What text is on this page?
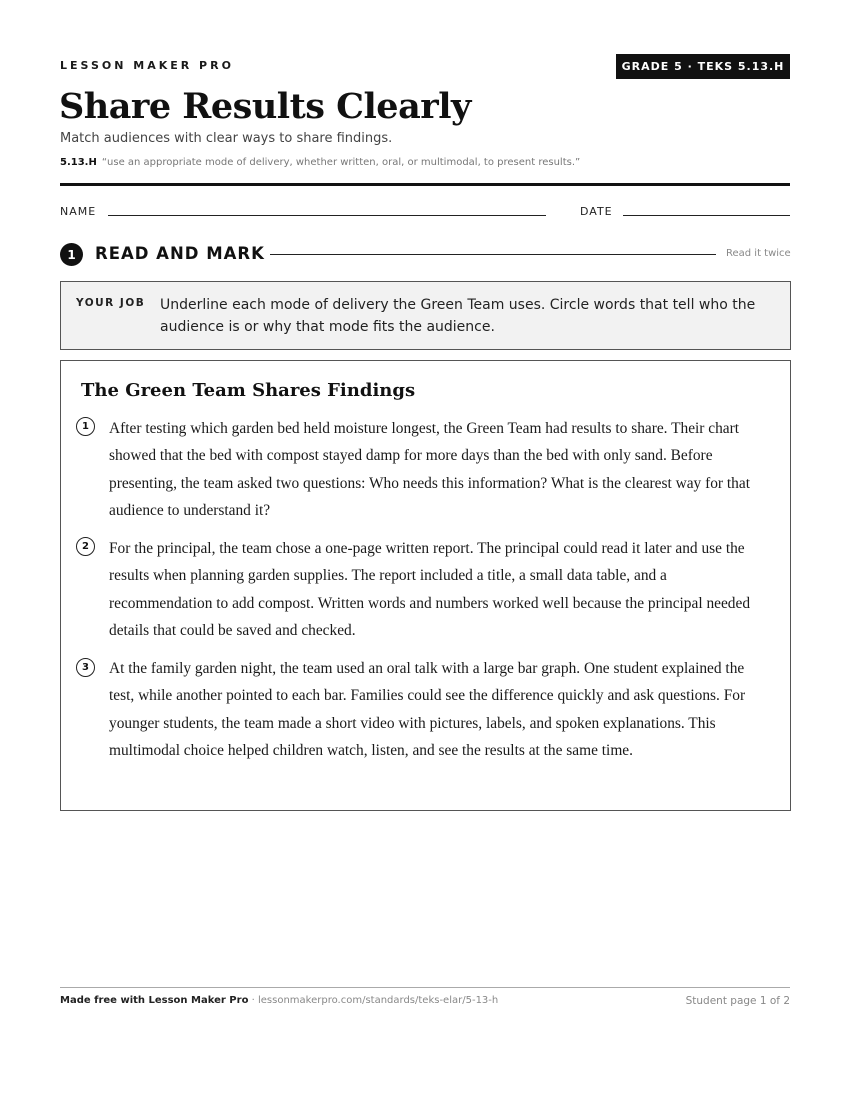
LESSON MAKER PRO	GRADE 5 · TEKS 5.13.H
Share Results Clearly
Match audiences with clear ways to share findings.
5.13.H “use an appropriate mode of delivery, whether written, oral, or multimodal, to present results.”
NAME	DATE
1	READ AND MARK	Read it twice
YOUR JOB Underline each mode of delivery the Green Team uses. Circle words that tell who the audience is or why that mode fits the audience.
The Green Team Shares Findings
1	After testing which garden bed held moisture longest, the Green Team had results to share. Their chart showed that the bed with compost stayed damp for more days than the bed with only sand. Before presenting, the team asked two questions: Who needs this information? What is the clearest way for that audience to understand it?

2	For the principal, the team chose a one-page written report. The principal could read it later and use the results when planning garden supplies. The report included a title, a small data table, and a recommendation to add compost. Written words and numbers worked well because the principal needed details that could be saved and checked.

3	At the family garden night, the team used an oral talk with a large bar graph. One student explained the test, while another pointed to each bar. Families could see the difference quickly and ask questions. For younger students, the team made a short video with pictures, labels, and spoken explanations. This multimodal choice helped children watch, listen, and see the results at the same time.

Made free with Lesson Maker Pro · lessonmakerpro.com/standards/teks-elar/5-13-h	Student page 1 of 2
